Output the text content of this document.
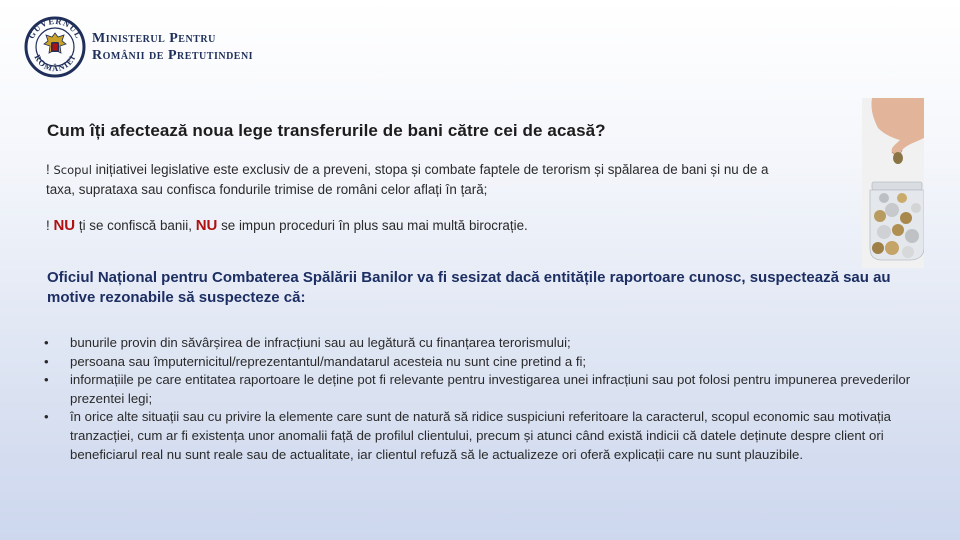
GUVERNUL
ROMÂNIEI
Ministerul Pentru
Românii de Pretutindeni
Cum îți afectează noua lege transferurile de bani către cei de acasă?

! Scopul inițiativei legislative este exclusiv de a preveni, stopa și combate faptele de terorism și spălarea de bani și nu de a taxa, suprataxa sau confisca fondurile trimise de români celor aflați în țară;

! NU ți se confiscă banii, NU se impun proceduri în plus sau mai multă birocrație.

Oficiul Național pentru Combaterea Spălării Banilor va fi sesizat dacă entitățile raportoare cunosc, suspectează sau au motive rezonabile să suspecteze că:
• bunurile provin din săvârșirea de infracțiuni sau au legătură cu finanțarea terorismului;
• persoana sau împuternicitul/reprezentantul/mandatarul acesteia nu sunt cine pretind a fi;
• informațiile pe care entitatea raportoare le deține pot fi relevante pentru investigarea unei infracțiuni sau pot folosi pentru impunerea prevederilor prezentei legi;
• în orice alte situații sau cu privire la elemente care sunt de natură să ridice suspiciuni referitoare la caracterul, scopul economic sau motivația tranzacției, cum ar fi existența unor anomalii față de profilul clientului, precum și atunci când există indicii că datele deținute despre client ori beneficiarul real nu sunt reale sau de actualitate, iar clientul refuză să le actualizeze ori oferă explicații care nu sunt plauzibile.
